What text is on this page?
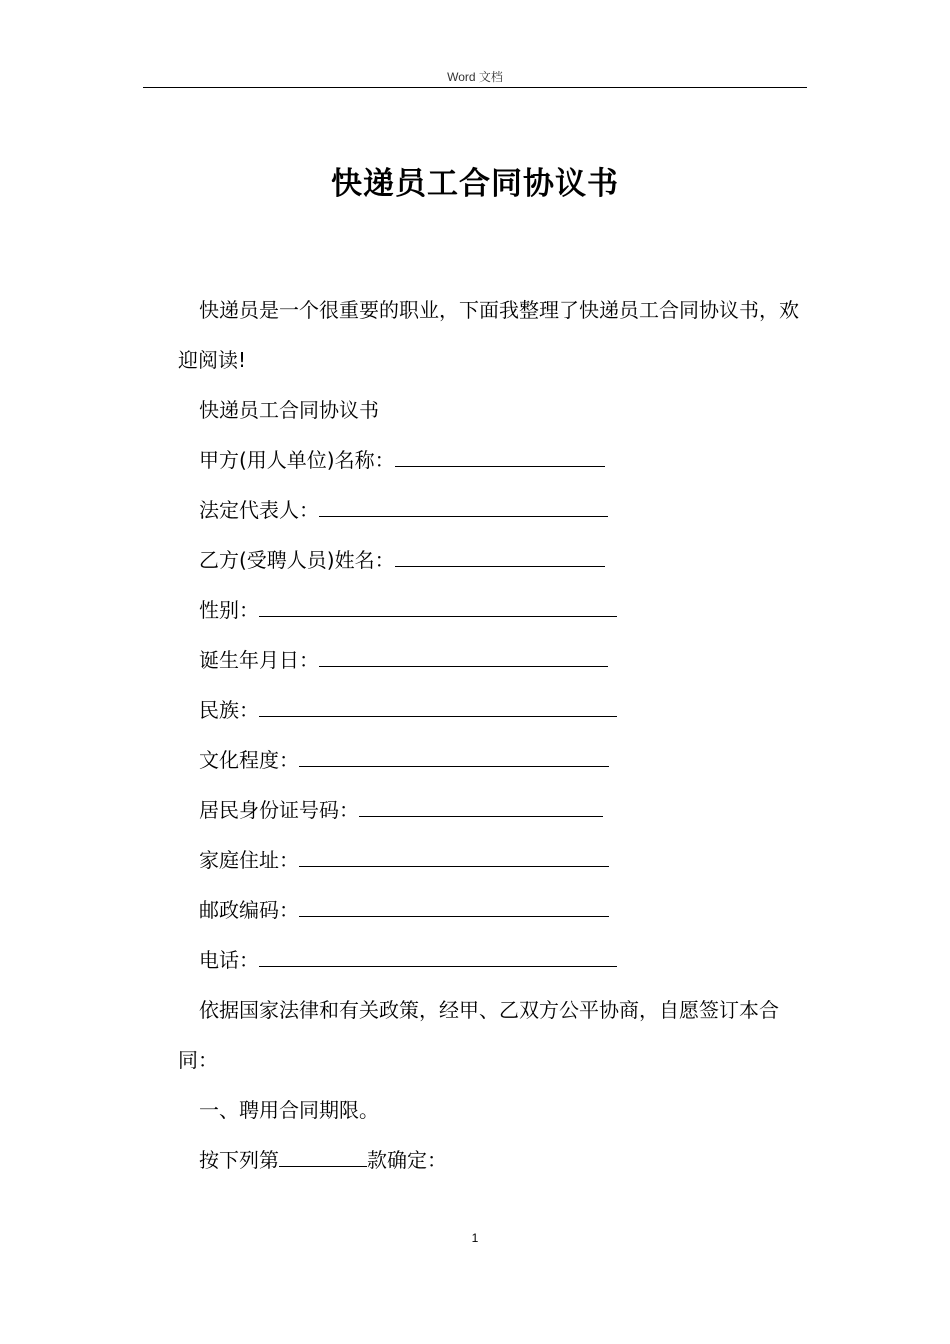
Word 文档
快递员工合同协议书

快递员是一个很重要的职业，下面我整理了快递员工合同协议书，欢迎阅读!

快递员工合同协议书

甲方(用人单位)名称：

法定代表人：

乙方(受聘人员)姓名：

性别：

诞生年月日：

民族：

文化程度：

居民身份证号码：

家庭住址：

邮政编码：

电话：

依据国家法律和有关政策，经甲、乙双方公平协商，自愿签订本合同：

一、聘用合同期限。

按下列第	款确定：

1
